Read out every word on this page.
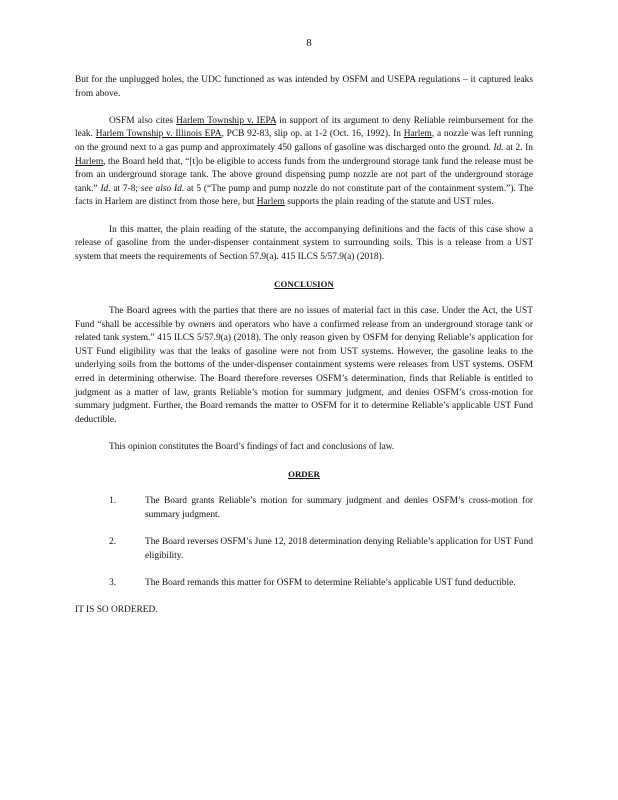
8

But for the unplugged holes, the UDC functioned as was intended by OSFM and USEPA regulations – it captured leaks from above.

OSFM also cites Harlem Township v. IEPA in support of its argument to deny Reliable reimbursement for the leak. Harlem Township v. Illinois EPA, PCB 92-83, slip op. at 1-2 (Oct. 16, 1992). In Harlem, a nozzle was left running on the ground next to a gas pump and approximately 450 gallons of gasoline was discharged onto the ground. Id. at 2. In Harlem, the Board held that, “[t]o be eligible to access funds from the underground storage tank fund the release must be from an underground storage tank. The above ground dispensing pump nozzle are not part of the underground storage tank.” Id. at 7-8; see also Id. at 5 (“The pump and pump nozzle do not constitute part of the containment system.”). The facts in Harlem are distinct from those here, but Harlem supports the plain reading of the statute and UST rules.

In this matter, the plain reading of the statute, the accompanying definitions and the facts of this case show a release of gasoline from the under-dispenser containment system to surrounding soils. This is a release from a UST system that meets the requirements of Section 57.9(a). 415 ILCS 5/57.9(a) (2018).

CONCLUSION

The Board agrees with the parties that there are no issues of material fact in this case. Under the Act, the UST Fund “shall be accessible by owners and operators who have a confirmed release from an underground storage tank or related tank system.” 415 ILCS 5/57.9(a) (2018). The only reason given by OSFM for denying Reliable’s application for UST Fund eligibility was that the leaks of gasoline were not from UST systems. However, the gasoline leaks to the underlying soils from the bottoms of the under-dispenser containment systems were releases from UST systems. OSFM erred in determining otherwise. The Board therefore reverses OSFM’s determination, finds that Reliable is entitled to judgment as a matter of law, grants Reliable’s motion for summary judgment, and denies OSFM’s cross-motion for summary judgment. Further, the Board remands the matter to OSFM for it to determine Reliable’s applicable UST Fund deductible.

This opinion constitutes the Board’s findings of fact and conclusions of law.

ORDER
1.	The Board grants Reliable’s motion for summary judgment and denies OSFM’s cross-motion for summary judgment.
2.	The Board reverses OSFM’s June 12, 2018 determination denying Reliable’s application for UST Fund eligibility.
3.	The Board remands this matter for OSFM to determine Reliable’s applicable UST fund deductible.

IT IS SO ORDERED.
